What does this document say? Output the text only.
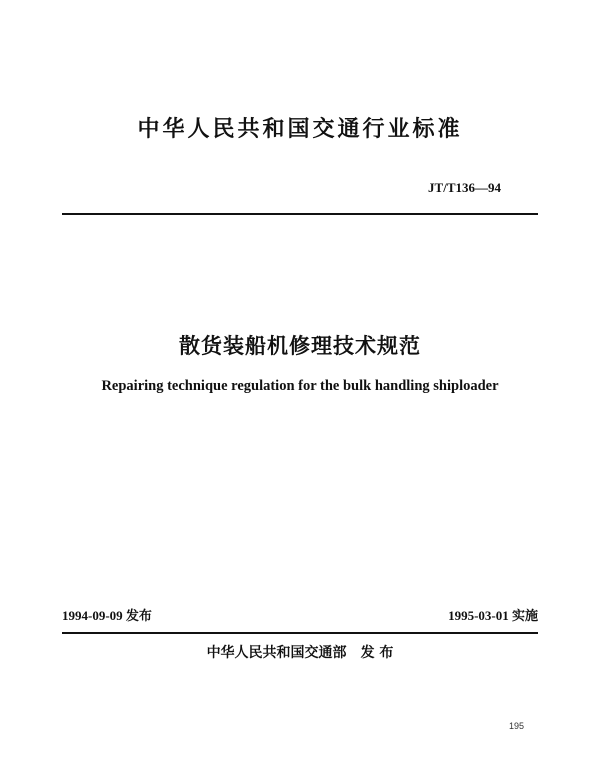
中华人民共和国交通行业标准
JT/T136—94
散货装船机修理技术规范
Repairing technique regulation for the bulk handling shiploader
1994-09-09 发布	1995-03-01 实施
中华人民共和国交通部 发 布
195
